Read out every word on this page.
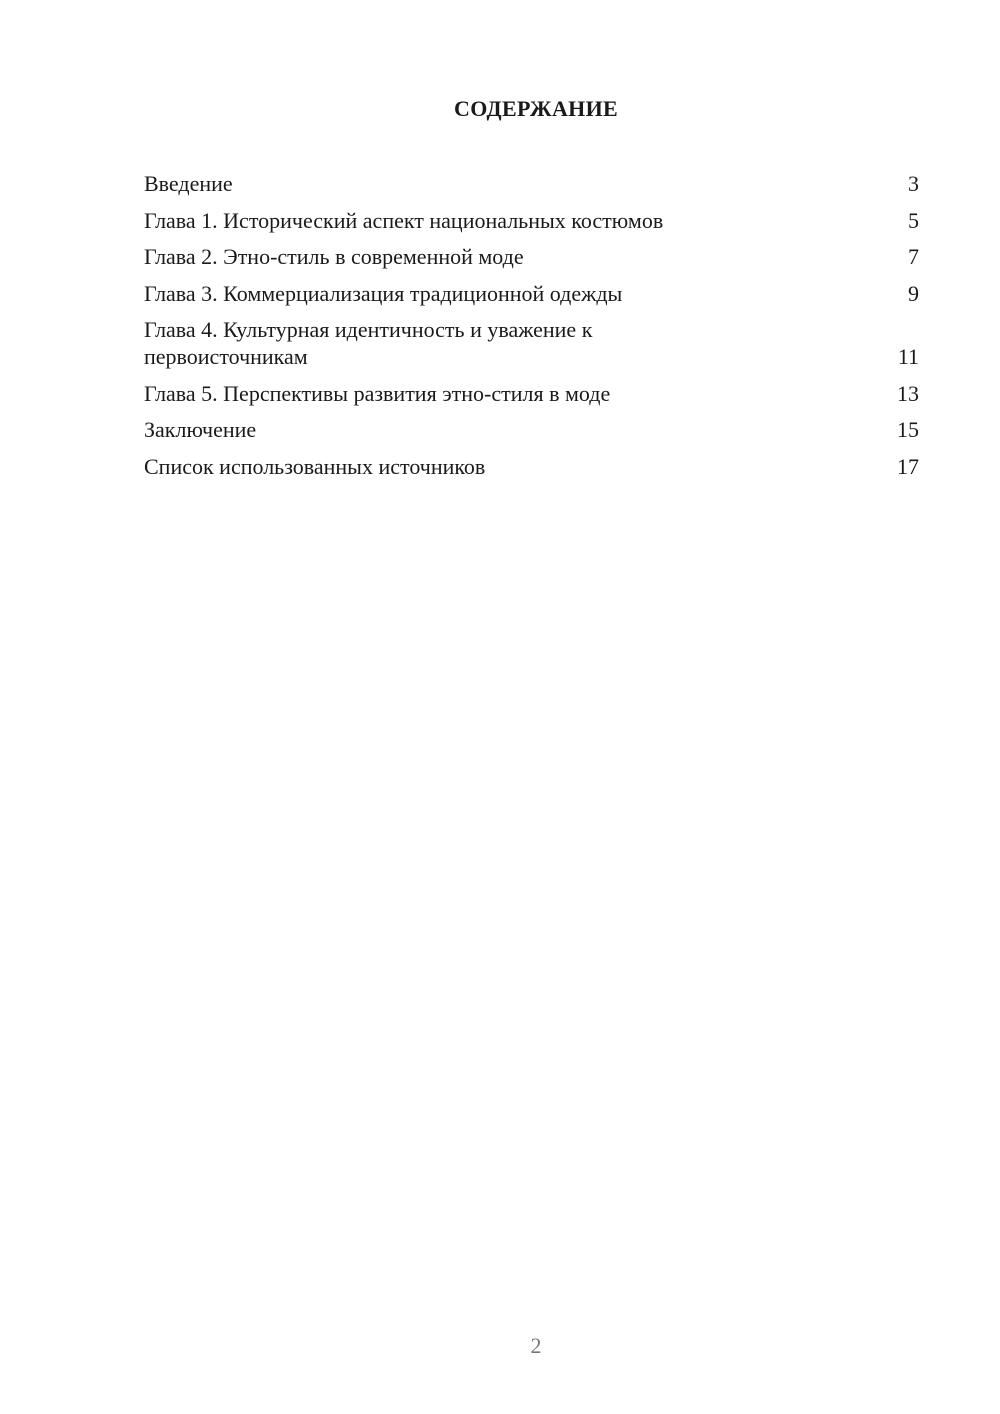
СОДЕРЖАНИЕ
Введение	3
Глава 1. Исторический аспект национальных костюмов	5
Глава 2. Этно-стиль в современной моде	7
Глава 3. Коммерциализация традиционной одежды	9
Глава 4. Культурная идентичность и уважение к первоисточникам	11
Глава 5. Перспективы развития этно-стиля в моде	13
Заключение	15
Список использованных источников	17
2
